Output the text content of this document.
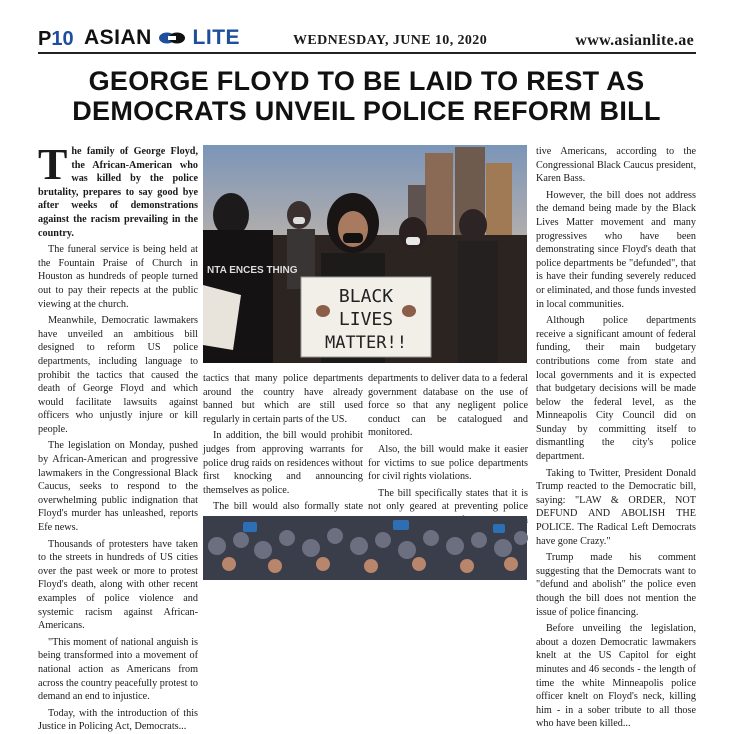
P10 ASIAN LITE	WEDNESDAY, JUNE 10, 2020	www.asianlite.ae
GEORGE FLOYD TO BE LAID TO REST AS
DEMOCRATS UNVEIL POLICE REFORM BILL

The family of George Floyd, the African-American who was killed by the police brutality, prepares to say good bye after weeks of demonstrations against the racism prevailing in the country.

The funeral service is being held at the Fountain Praise of Church in Houston as hundreds of people turned out to pay their repects at the public viewing at the church.

Meanwhile, Democratic lawmakers have unveiled an ambitious bill designed to reform US police departments, including language to prohibit the tactics that caused the death of George Floyd and which would facilitate lawsuits against officers who unjustly injure or kill people.

The legislation on Monday, pushed by African-American and progressive lawmakers in the Congressional Black Caucus, seeks to respond to the overwhelming public indignation that Floyd's murder has unleashed, reports Efe news.

Thousands of protesters have taken to the streets in hundreds of US cities over the past week or more to protest Floyd's death, along with other recent examples of police violence and systemic racism against African-Americans.

"This moment of national anguish is being transformed into a movement of national action as Americans from across the country peacefully protest to demand an end to injustice.

Today, with the introduction of this Justice in Policing Act, Democrats...

NTA ENCES THING
BLACK
LIVES
MATTER!!

tactics that many police departments around the country have already banned but which are still used regularly in certain parts of the US.

In addition, the bill would prohibit judges from approving warrants for police drug raids on residences without first knocking and announcing themselves as police.

The bill would also formally state

departments to deliver data to a federal government database on the use of force so that any negligent police conduct can be catalogued and monitored.

Also, the bill would make it easier for victims to sue police departments for civil rights violations.

The bill specifically states that it is not only geared at preventing police

tive Americans, according to the Congressional Black Caucus president, Karen Bass.

However, the bill does not address the demand being made by the Black Lives Matter movement and many progressives who have been demonstrating since Floyd's death that police departments be "defunded", that is have their funding severely reduced or eliminated, and those funds invested in local communities.

Although police departments receive a significant amount of federal funding, their main budgetary contributions come from state and local governments and it is expected that budgetary decisions will be made below the federal level, as the Minneapolis City Council did on Sunday by committing itself to dismantling the city's police department.

Taking to Twitter, President Donald Trump reacted to the Democratic bill, saying: "LAW & ORDER, NOT DEFUND AND ABOLISH THE POLICE. The Radical Left Democrats have gone Crazy."

Trump made his comment suggesting that the Democrats want to "defund and abolish" the police even though the bill does not mention the issue of police financing.

Before unveiling the legislation, about a dozen Democratic lawmakers knelt at the US Capitol for eight minutes and 46 seconds - the length of time the white Minneapolis police officer knelt on Floyd's neck, killing him - in a sober tribute to all those who have been killed...
